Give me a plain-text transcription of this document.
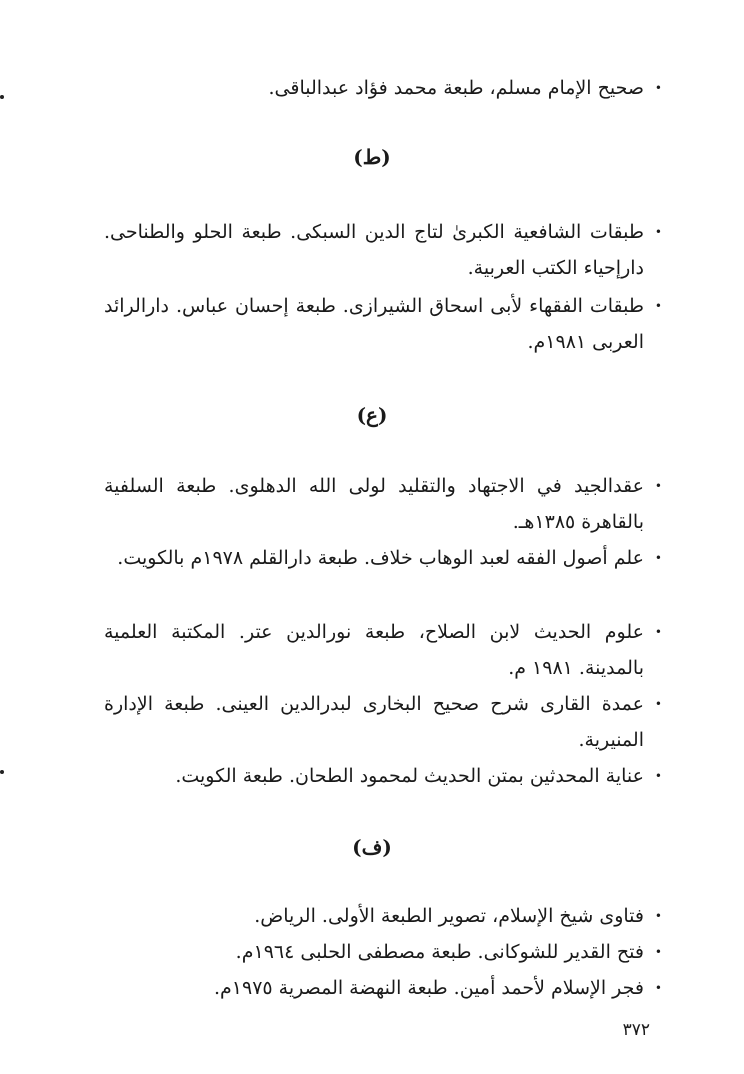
•
صحيح الإمام مسلم، طبعة محمد فؤاد عبدالباقى.

(ط)

•
طبقات الشافعية الكبرىٰ لتاج الدين السبكى. طبعة الحلو والطناحى. دارإحياء الكتب العربية.

•
طبقات الفقهاء لأبى اسحاق الشيرازى. طبعة إحسان عباس. دارالرائد العربى ١٩٨١م.

(ع)

•
عقدالجيد في الاجتهاد والتقليد لولى الله الدهلوى. طبعة السلفية بالقاهرة ١٣٨٥هـ.

•
علم أصول الفقه لعبد الوهاب خلاف. طبعة دارالقلم ١٩٧٨م بالكويت.

•
علوم الحديث لابن الصلاح، طبعة نورالدين عتر. المكتبة العلمية بالمدينة. ١٩٨١ م.

•
عمدة القارى شرح صحيح البخارى لبدرالدين العينى. طبعة الإدارة المنيرية.

•
عناية المحدثين بمتن الحديث لمحمود الطحان. طبعة الكويت.

(ف)

•
فتاوى شيخ الإسلام، تصوير الطبعة الأولى. الرياض.

•
فتح القدير للشوكانى. طبعة مصطفى الحلبى ١٩٦٤م.

•
فجر الإسلام لأحمد أمين. طبعة النهضة المصرية ١٩٧٥م.

٣٧٢
